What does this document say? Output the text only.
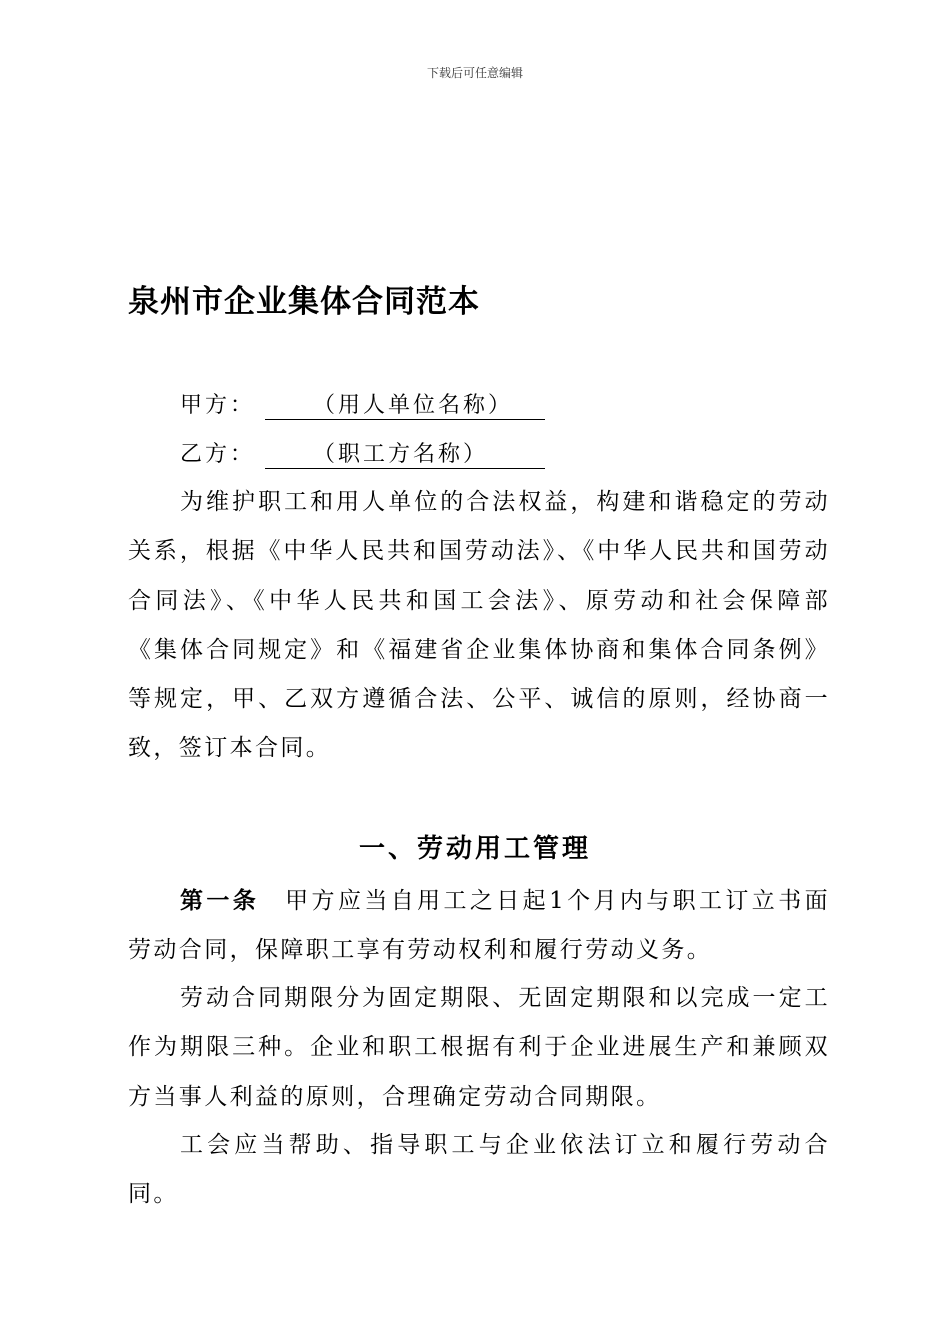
下载后可任意编辑
泉州市企业集体合同范本
甲方：	（用人单位名称）
乙方：	（职工方名称）

为维护职工和用人单位的合法权益，构建和谐稳定的劳动关系，根据《中华人民共和国劳动法》、《中华人民共和国劳动合同法》、《中华人民共和国工会法》、原劳动和社会保障部《集体合同规定》和《福建省企业集体协商和集体合同条例》等规定，甲、乙双方遵循合法、公平、诚信的原则，经协商一致，签订本合同。

一、劳动用工管理

第一条 甲方应当自用工之日起1个月内与职工订立书面劳动合同，保障职工享有劳动权利和履行劳动义务。

劳动合同期限分为固定期限、无固定期限和以完成一定工作为期限三种。企业和职工根据有利于企业进展生产和兼顾双方当事人利益的原则，合理确定劳动合同期限。

工会应当帮助、指导职工与企业依法订立和履行劳动合同。
